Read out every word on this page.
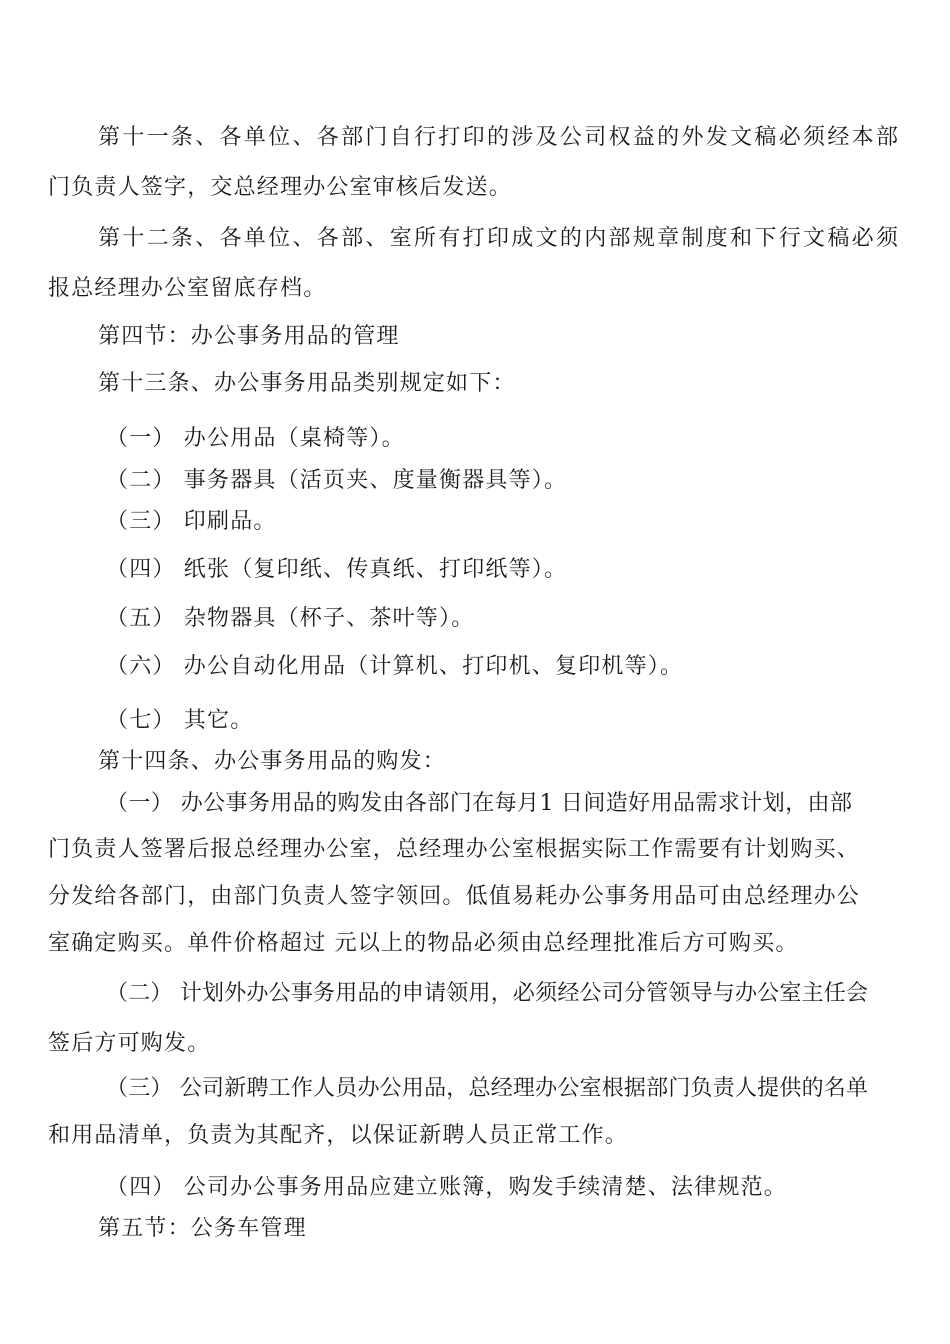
第十一条、各单位、各部门自行打印的涉及公司权益的外发文稿必须经本部
门负责人签字，交总经理办公室审核后发送。
第十二条、各单位、各部、室所有打印成文的内部规章制度和下行文稿必须
报总经理办公室留底存档。
第四节：办公事务用品的管理
第十三条、办公事务用品类别规定如下：
（一） 办公用品（桌椅等）。
（二） 事务器具（活页夹、度量衡器具等）。
（三） 印刷品。
（四） 纸张（复印纸、传真纸、打印纸等）。
（五） 杂物器具（杯子、茶叶等）。
（六） 办公自动化用品（计算机、打印机、复印机等）。
（七） 其它。
第十四条、办公事务用品的购发：
（一） 办公事务用品的购发由各部门在每月1 日间造好用品需求计划，由部
门负责人签署后报总经理办公室，总经理办公室根据实际工作需要有计划购买、
分发给各部门，由部门负责人签字领回。低值易耗办公事务用品可由总经理办公
室确定购买。单件价格超过 元以上的物品必须由总经理批准后方可购买。
（二） 计划外办公事务用品的申请领用，必须经公司分管领导与办公室主任会
签后方可购发。
（三） 公司新聘工作人员办公用品，总经理办公室根据部门负责人提供的名单
和用品清单，负责为其配齐，以保证新聘人员正常工作。
（四） 公司办公事务用品应建立账簿，购发手续清楚、法律规范。
第五节：公务车管理
